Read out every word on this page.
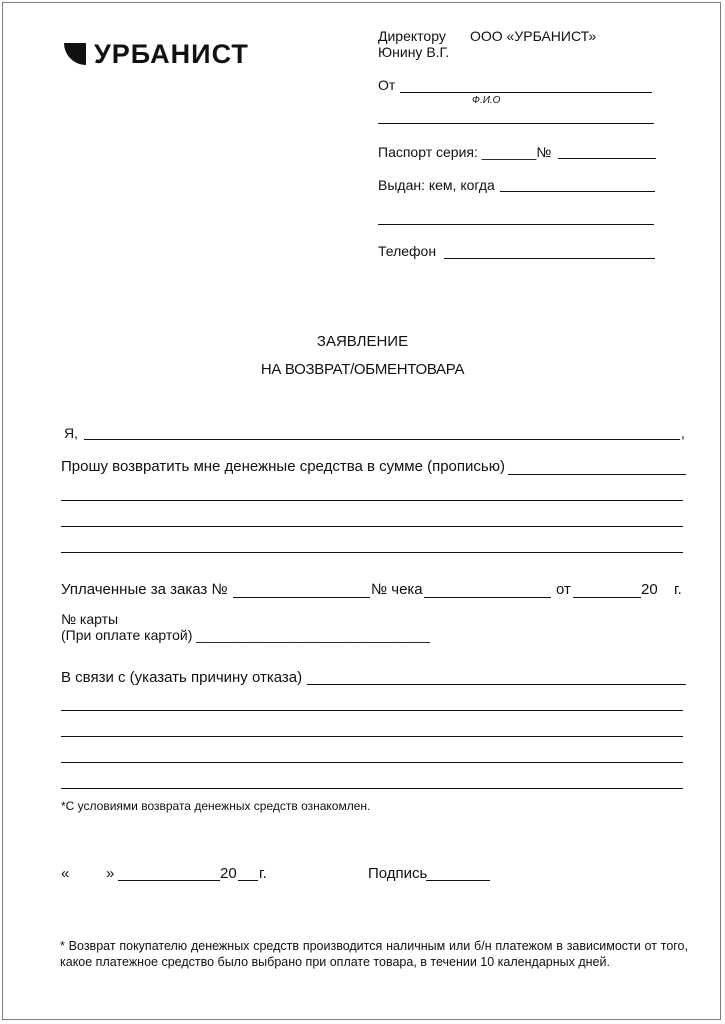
УРБАНИСТ
Директору ООО «УРБАНИСТ»
Юнину В.Г.
От
Ф.И.О
Паспорт серия: _______№
Выдан: кем, когда
Телефон
ЗАЯВЛЕНИЕ
НА ВОЗВРАТ/ОБМЕНТОВАРА
Я,	,
Прошу возвратить мне денежные средства в сумме (прописью)
Уплаченные за заказ №	№ чека	от	20 г.
№ карты
(При оплате картой) ______________________________
В связи с (указать причину отказа)
*С условиями возврата денежных средств ознакомлен.
« »	20 г.	Подпись
* Возврат покупателю денежных средств производится наличным или б/н платежом в зависимости от того, какое платежное средство было выбрано при оплате товара, в течении 10 календарных дней.
